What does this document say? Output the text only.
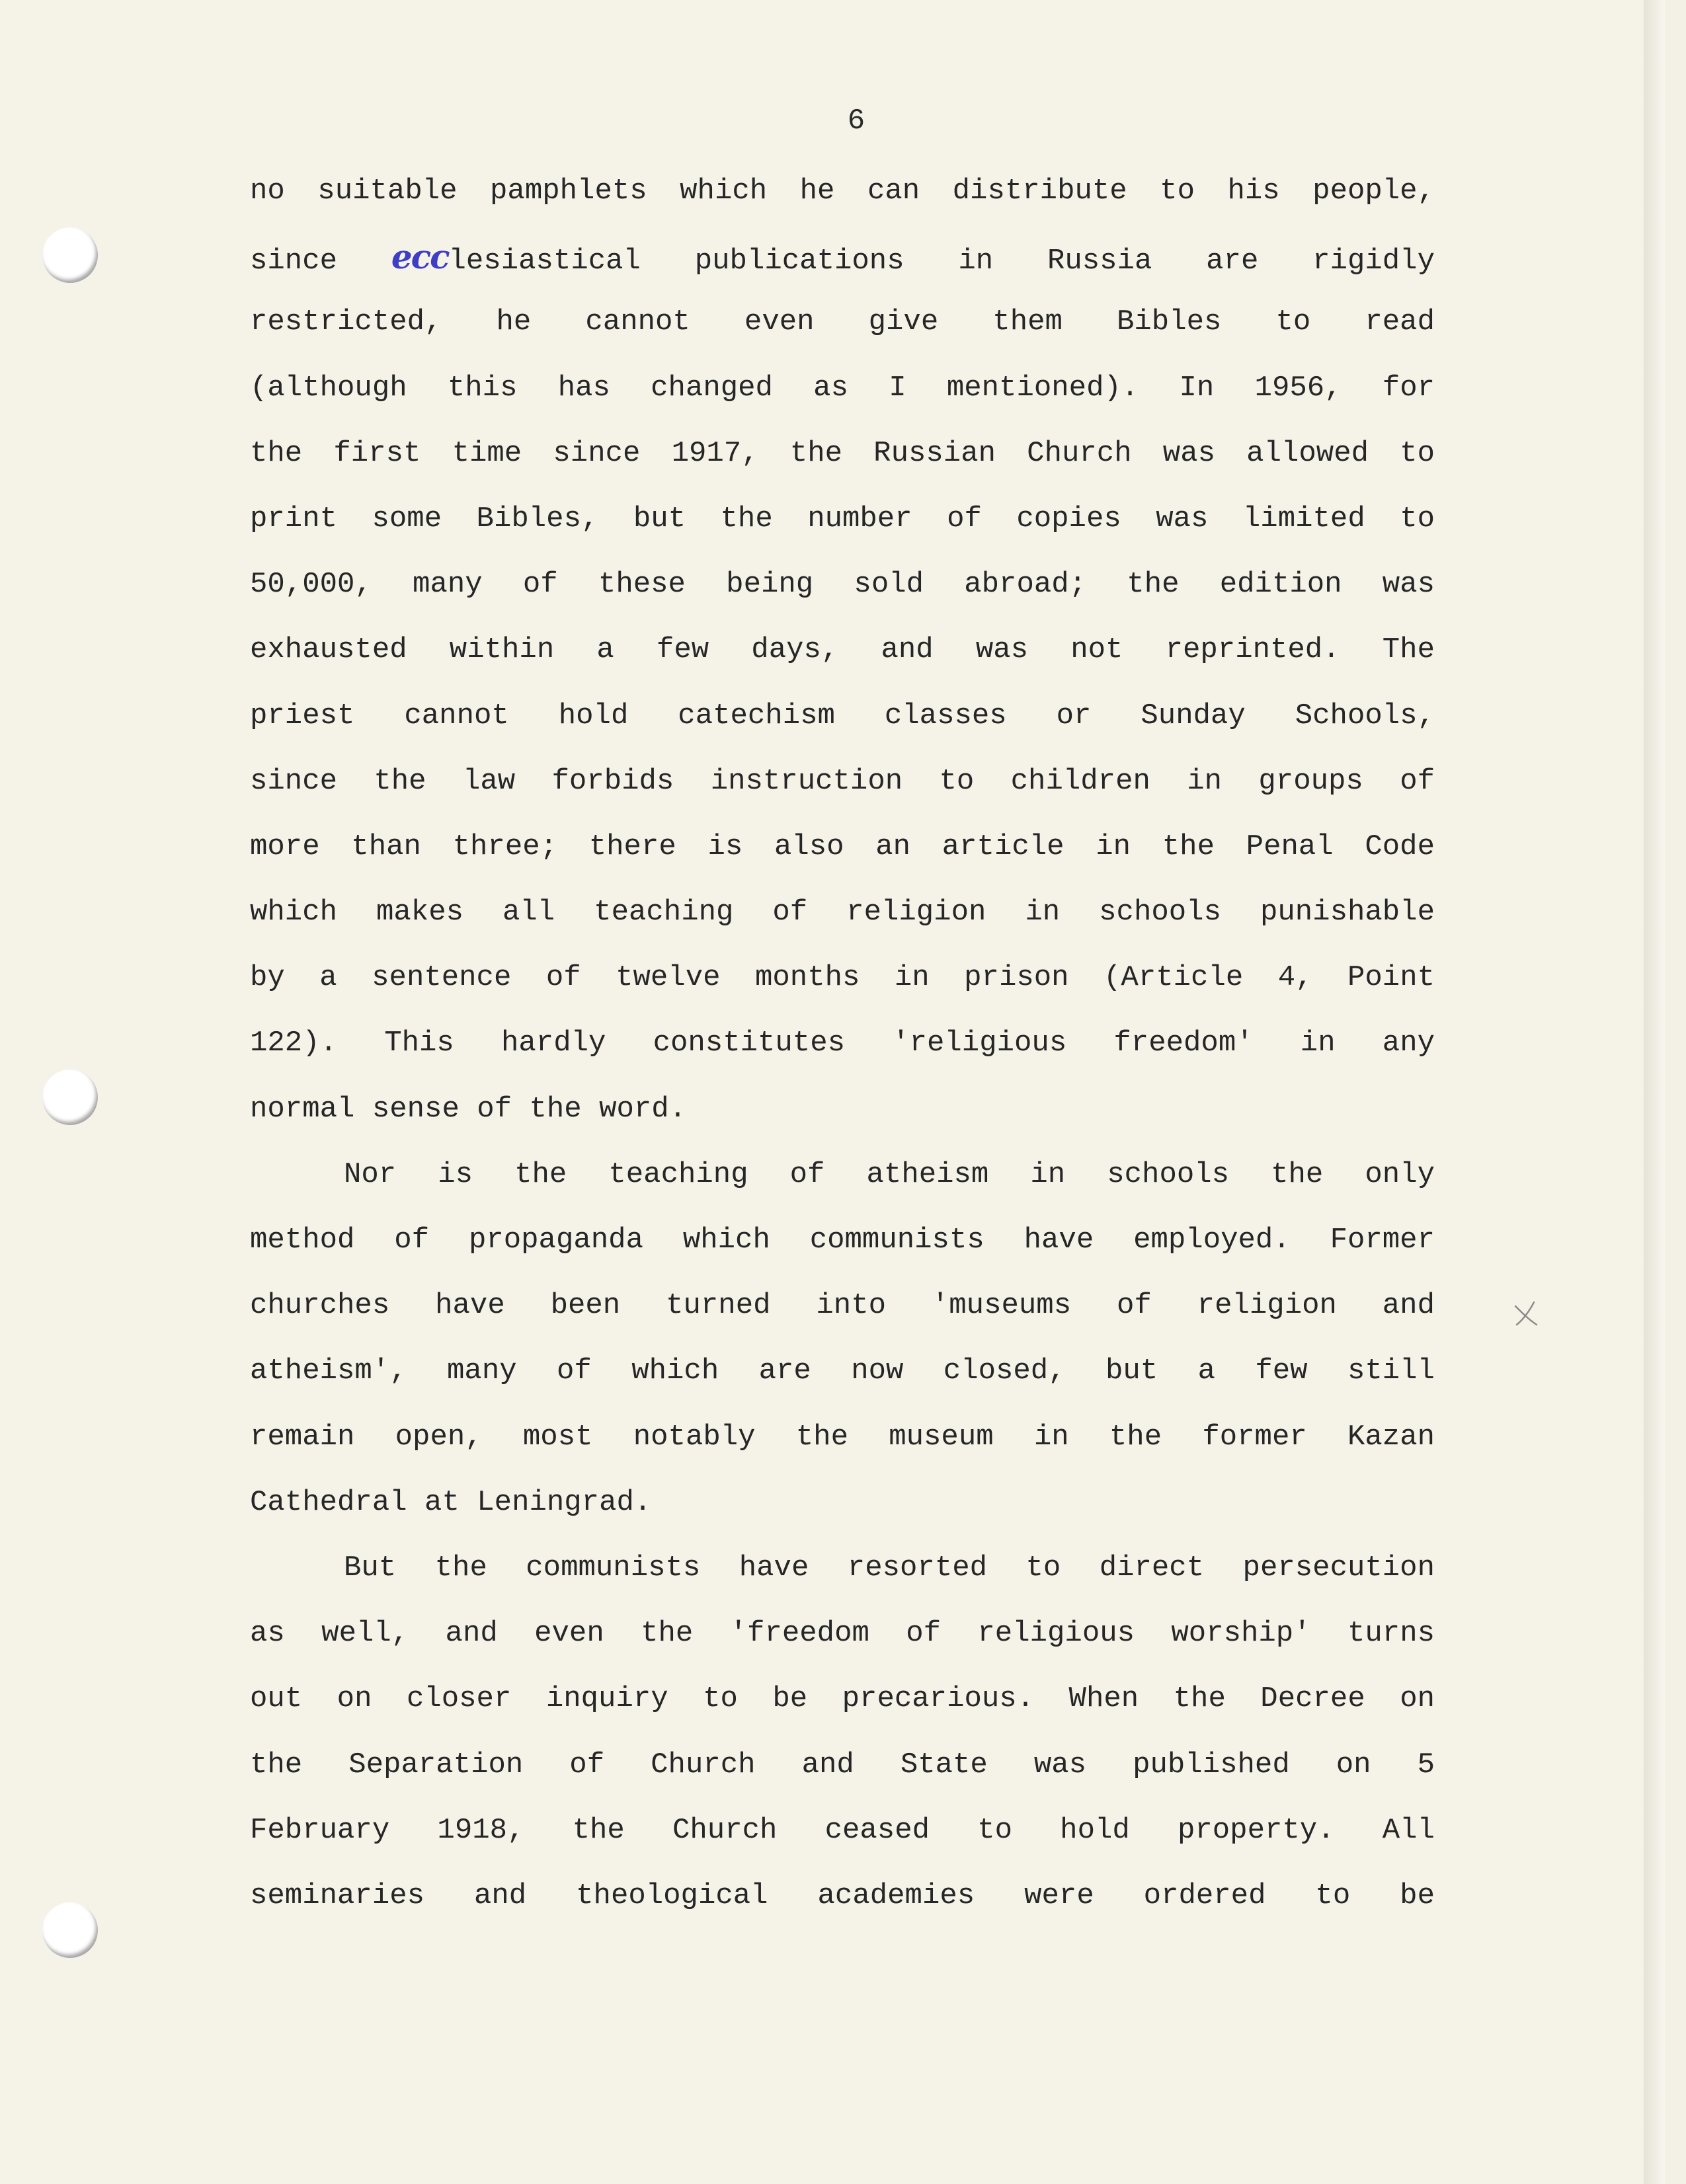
6
no suitable pamphlets which he can distribute to his people,
since ecclesiastical publications in Russia are rigidly
restricted, he cannot even give them Bibles to read
(although this has changed as I mentioned). In 1956, for
the first time since 1917, the Russian Church was allowed to
print some Bibles, but the number of copies was limited to
50,000, many of these being sold abroad; the edition was
exhausted within a few days, and was not reprinted. The
priest cannot hold catechism classes or Sunday Schools,
since the law forbids instruction to children in groups of
more than three; there is also an article in the Penal Code
which makes all teaching of religion in schools punishable
by a sentence of twelve months in prison (Article 4, Point
122). This hardly constitutes 'religious freedom' in any
normal sense of the word.
Nor is the teaching of atheism in schools the only
method of propaganda which communists have employed. Former
churches have been turned into 'museums of religion and
atheism', many of which are now closed, but a few still
remain open, most notably the museum in the former Kazan
Cathedral at Leningrad.
But the communists have resorted to direct persecution
as well, and even the 'freedom of religious worship' turns
out on closer inquiry to be precarious. When the Decree on
the Separation of Church and State was published on 5
February 1918, the Church ceased to hold property. All
seminaries and theological academies were ordered to be
